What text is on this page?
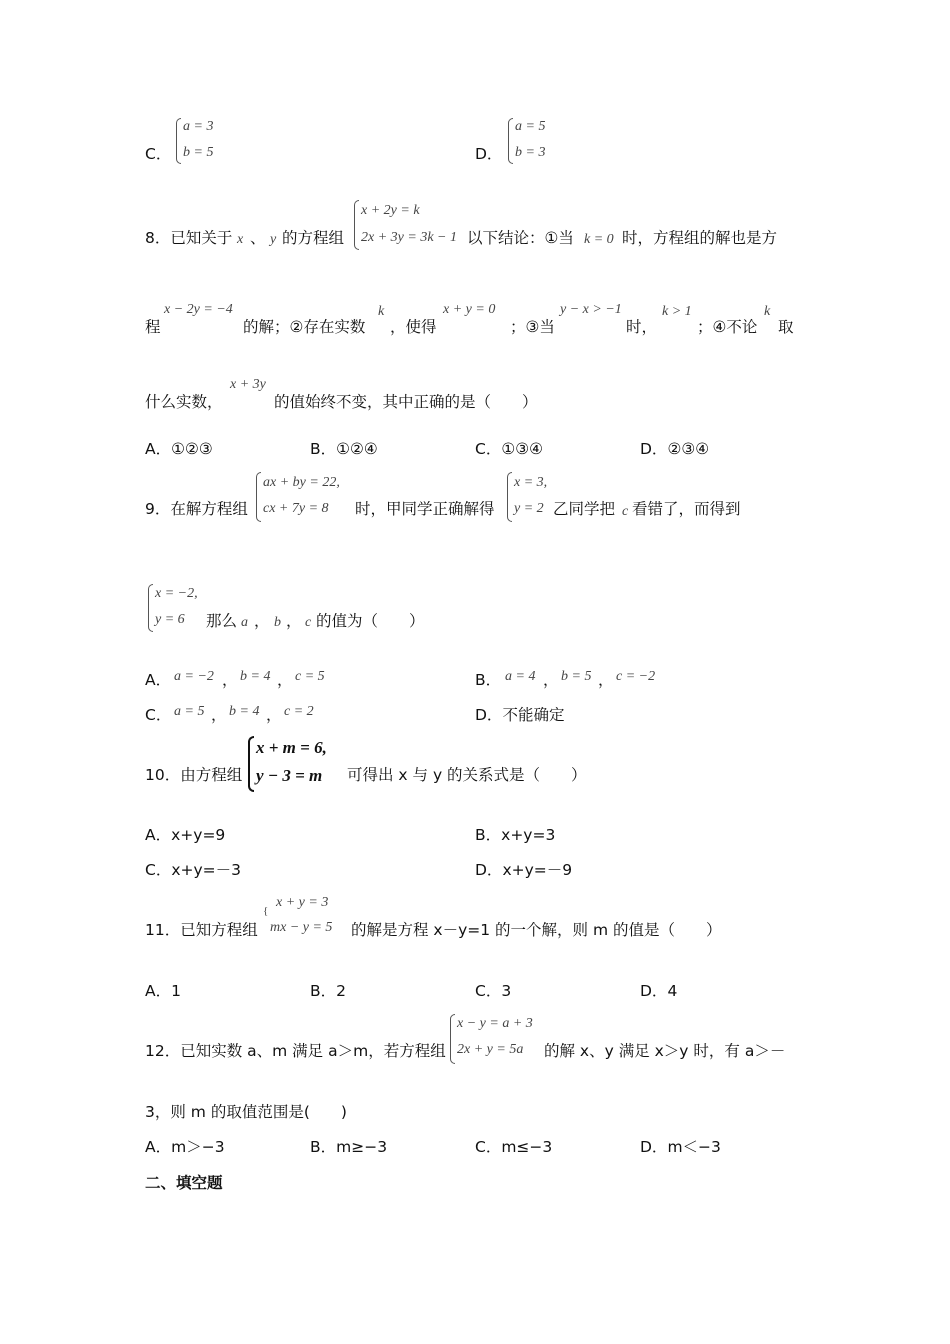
C．
a = 3
b = 5	D．
a = 5
b = 3
8．已知关于 x 、 y 的方程组
x + 2y = k
2x + 3y = 3k − 1 以下结论：①当 k = 0 时，方程组的解也是方
程
x − 2y = −4
的解；②存在实数
k
，使得
x + y = 0
；③当
y − x > −1
时，
k > 1
；④不论
k
取
什么实数，
x + 3y
的值始终不变，其中正确的是（　　）
A．①②③	B．①②④	C．①③④	D．②③④
9．在解方程组
ax + by = 22,
cx + 7y = 8 时，甲同学正确解得
x = 3,
y = 2 乙同学把 c 看错了，而得到
x = −2,
y = 6 那么 a ， b ， c 的值为（　　）
A． a = −2 ， b = 4 ， c = 5	B． a = 4 ， b = 5 ， c = −2
C． a = 5 ， b = 4 ， c = 2	D．不能确定
10．由方程组
x + m = 6,
y − 3 = m 可得出 x 与 y 的关系式是（　　）
A．x+y=9	B．x+y=3
C．x+y=－3	D．x+y=－9
11．已知方程组
{
x + y = 3
mx − y = 5 的解是方程 x－y=1 的一个解，则 m 的值是（　　）
A．1	B．2	C．3	D．4
12．已知实数 a、m 满足 a＞m，若方程组
x − y = a + 3
2x + y = 5a 的解 x、y 满足 x＞y 时，有 a＞－
3，则 m 的取值范围是(　　)
A．m＞−3	B．m≥−3	C．m≤−3	D．m＜−3
二、填空题
